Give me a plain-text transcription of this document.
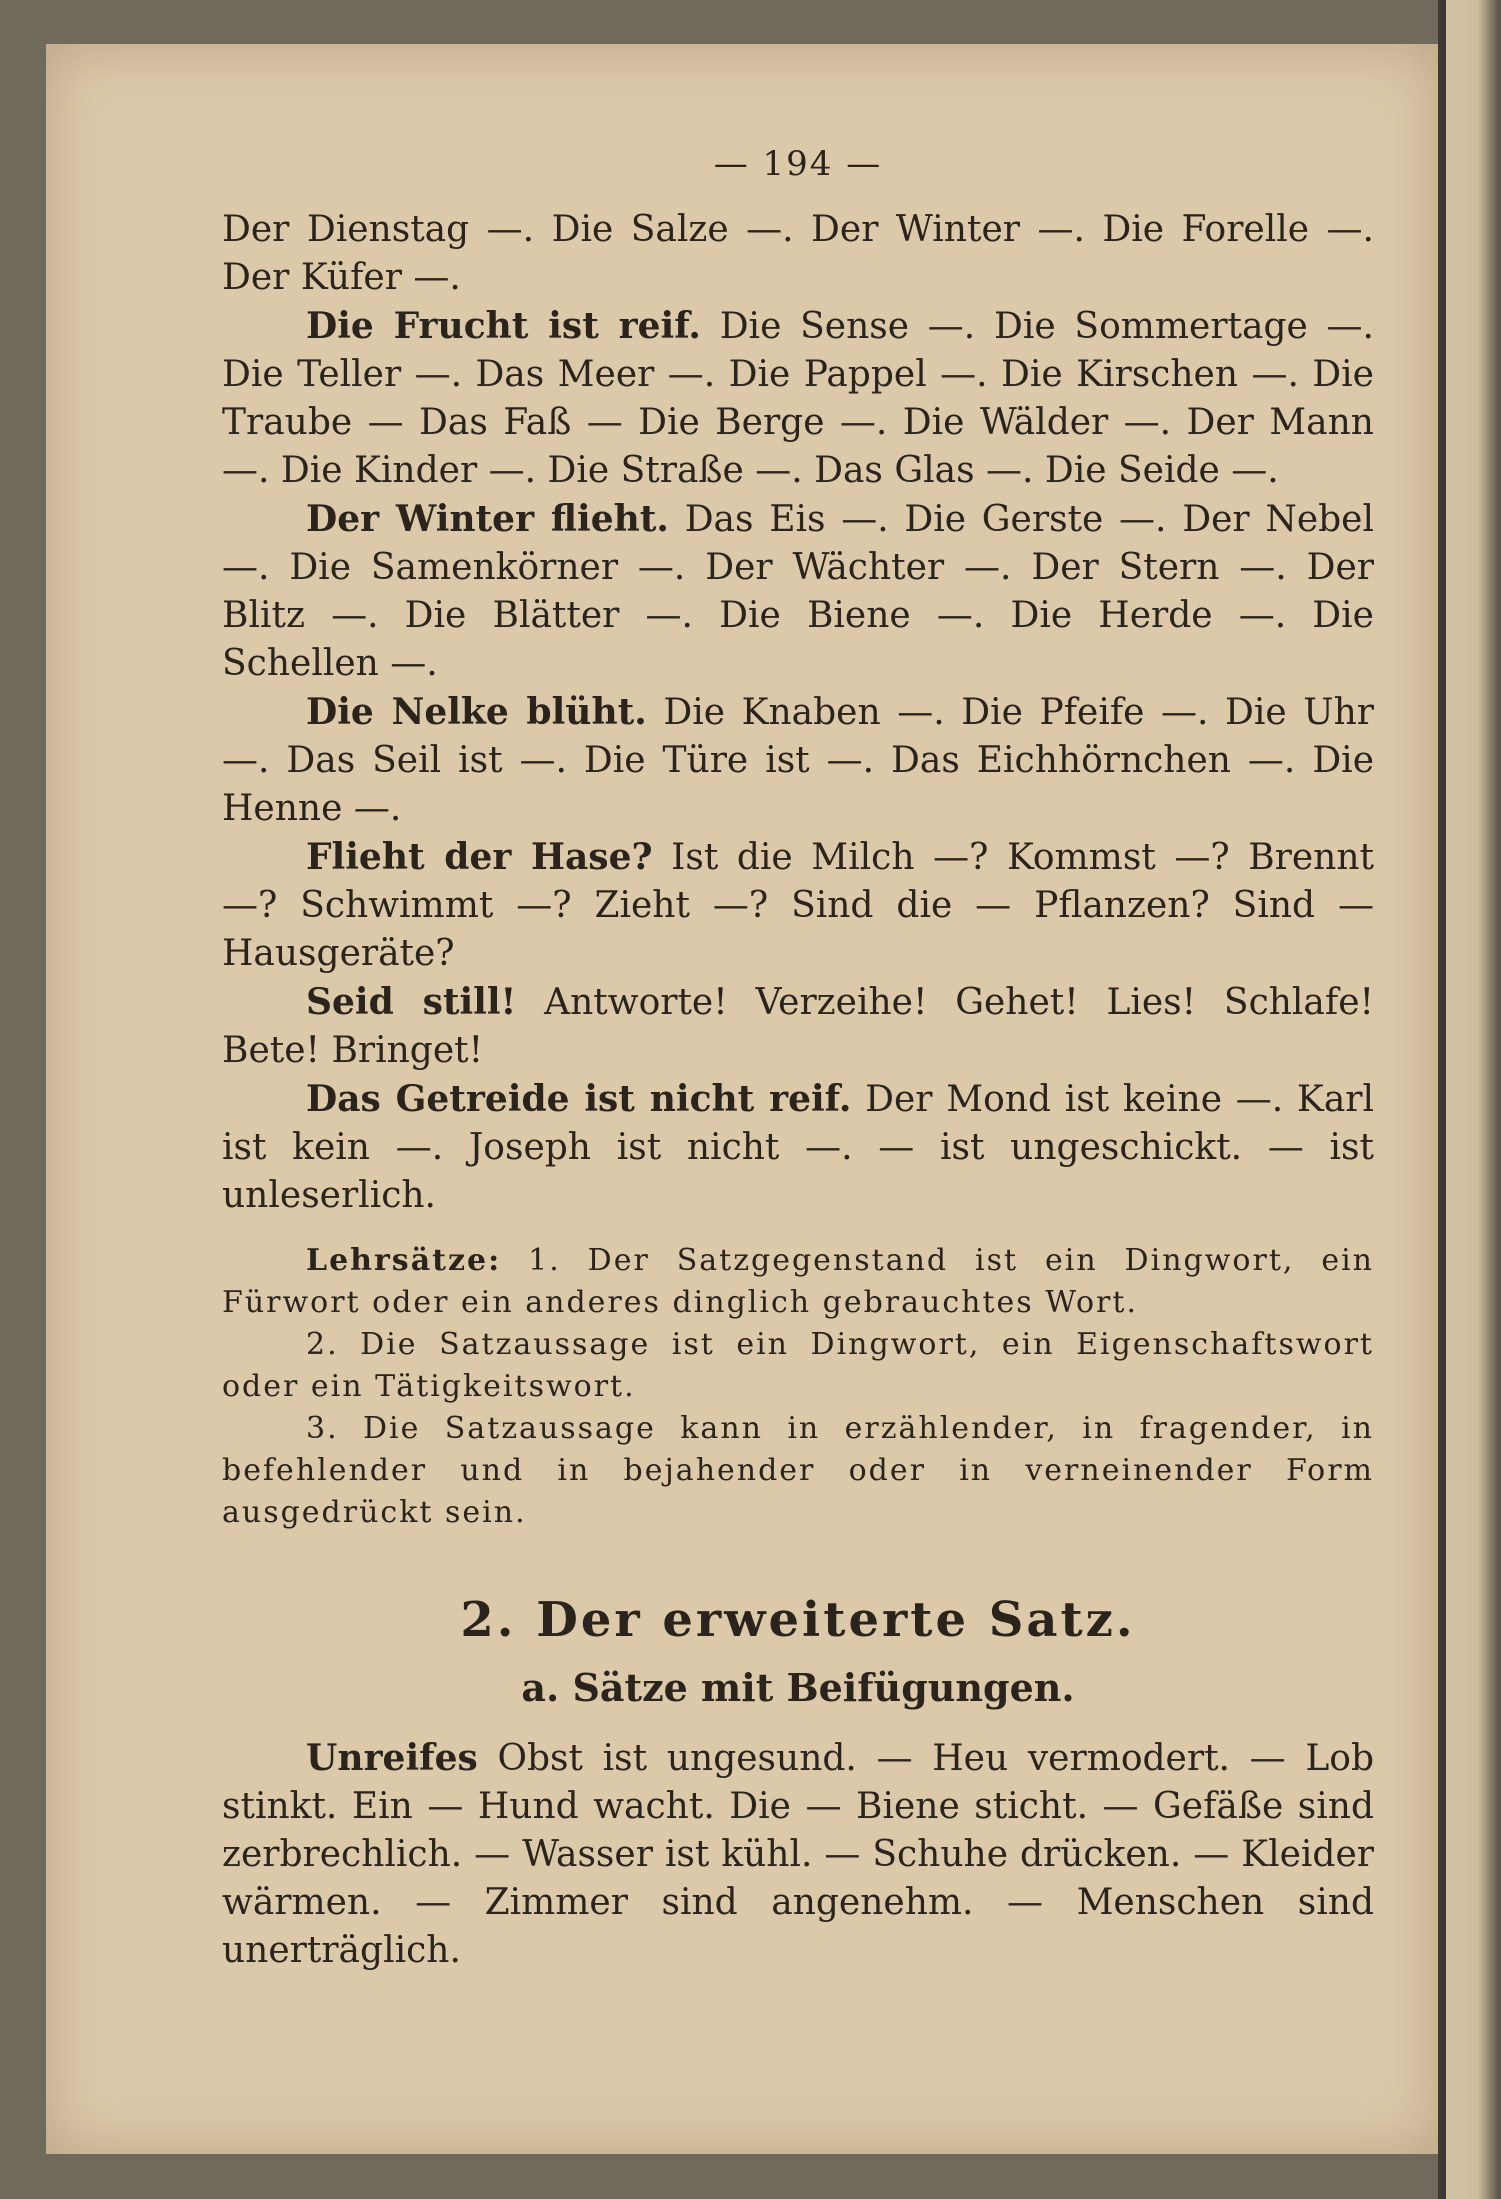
— 194 —

Der Dienstag —. Die Salze —. Der Winter —. Die Forelle —. Der Küfer —.

Die Frucht ist reif. Die Sense —. Die Sommertage —. Die Teller —. Das Meer —. Die Pappel —. Die Kirschen —. Die Traube — Das Faß — Die Berge —. Die Wälder —. Der Mann —. Die Kinder —. Die Straße —. Das Glas —. Die Seide —.

Der Winter flieht. Das Eis —. Die Gerste —. Der Nebel —. Die Samenkörner —. Der Wächter —. Der Stern —. Der Blitz —. Die Blätter —. Die Biene —. Die Herde —. Die Schellen —.

Die Nelke blüht. Die Knaben —. Die Pfeife —. Die Uhr —. Das Seil ist —. Die Türe ist —. Das Eichhörnchen —. Die Henne —.

Flieht der Hase? Ist die Milch —? Kommst —? Brennt —? Schwimmt —? Zieht —? Sind die — Pflanzen? Sind — Hausgeräte?

Seid still! Antworte! Verzeihe! Gehet! Lies! Schlafe! Bete! Bringet!

Das Getreide ist nicht reif. Der Mond ist keine —. Karl ist kein —. Joseph ist nicht —. — ist ungeschickt. — ist unleserlich.

Lehrsätze: 1. Der Satzgegenstand ist ein Dingwort, ein Fürwort oder ein anderes dinglich gebrauchtes Wort.

2. Die Satzaussage ist ein Dingwort, ein Eigenschaftswort oder ein Tätigkeitswort.

3. Die Satzaussage kann in erzählender, in fragender, in befehlender und in bejahender oder in verneinender Form ausgedrückt sein.

2. Der erweiterte Satz.
a. Sätze mit Beifügungen.

Unreifes Obst ist ungesund. — Heu vermodert. — Lob stinkt. Ein — Hund wacht. Die — Biene sticht. — Gefäße sind zerbrechlich. — Wasser ist kühl. — Schuhe drücken. — Kleider wärmen. — Zimmer sind angenehm. — Menschen sind unerträglich.
